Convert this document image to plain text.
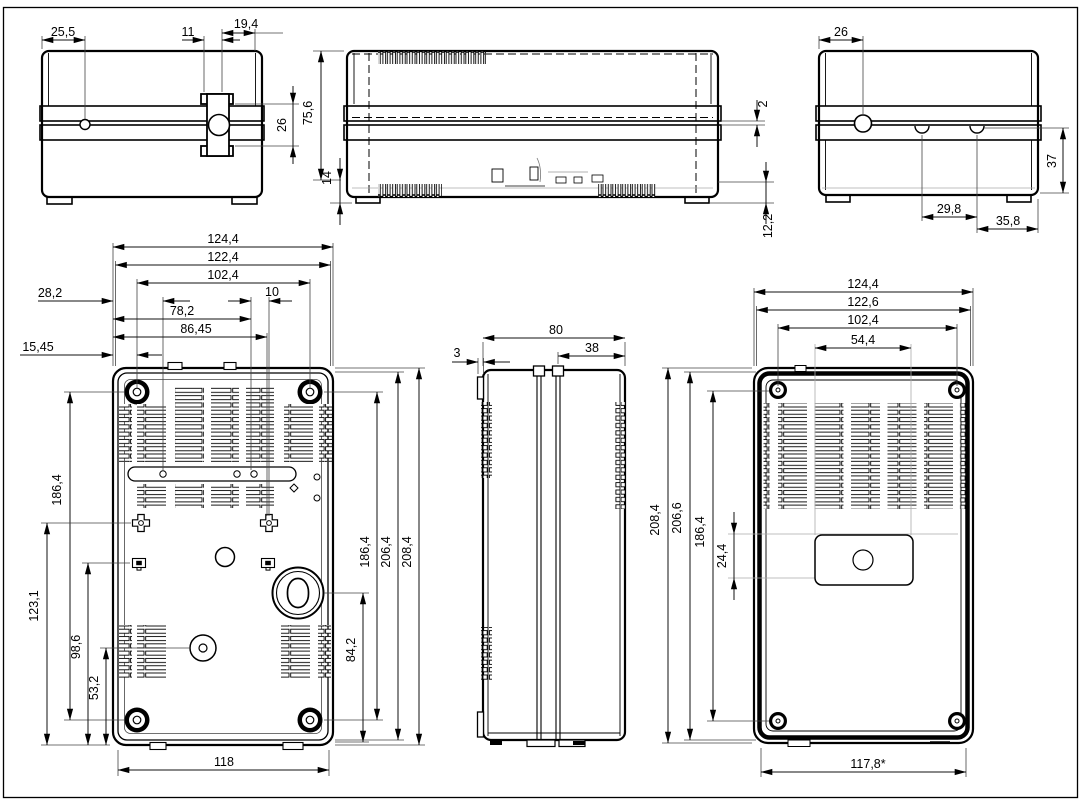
25,5	11
19,4
26 75,6
14
2
12,2
26
37
29,8
35,8
124,4
122,4
102,4
28,2	10
78,2
86,45
15,45
186,4
123,1
98,6
53,2
186,4 206,4 208,4
84,2
118
80
3	38
124,4
122,6
102,4
54,4
208,4 206,6 186,4
24,4
117,8*
